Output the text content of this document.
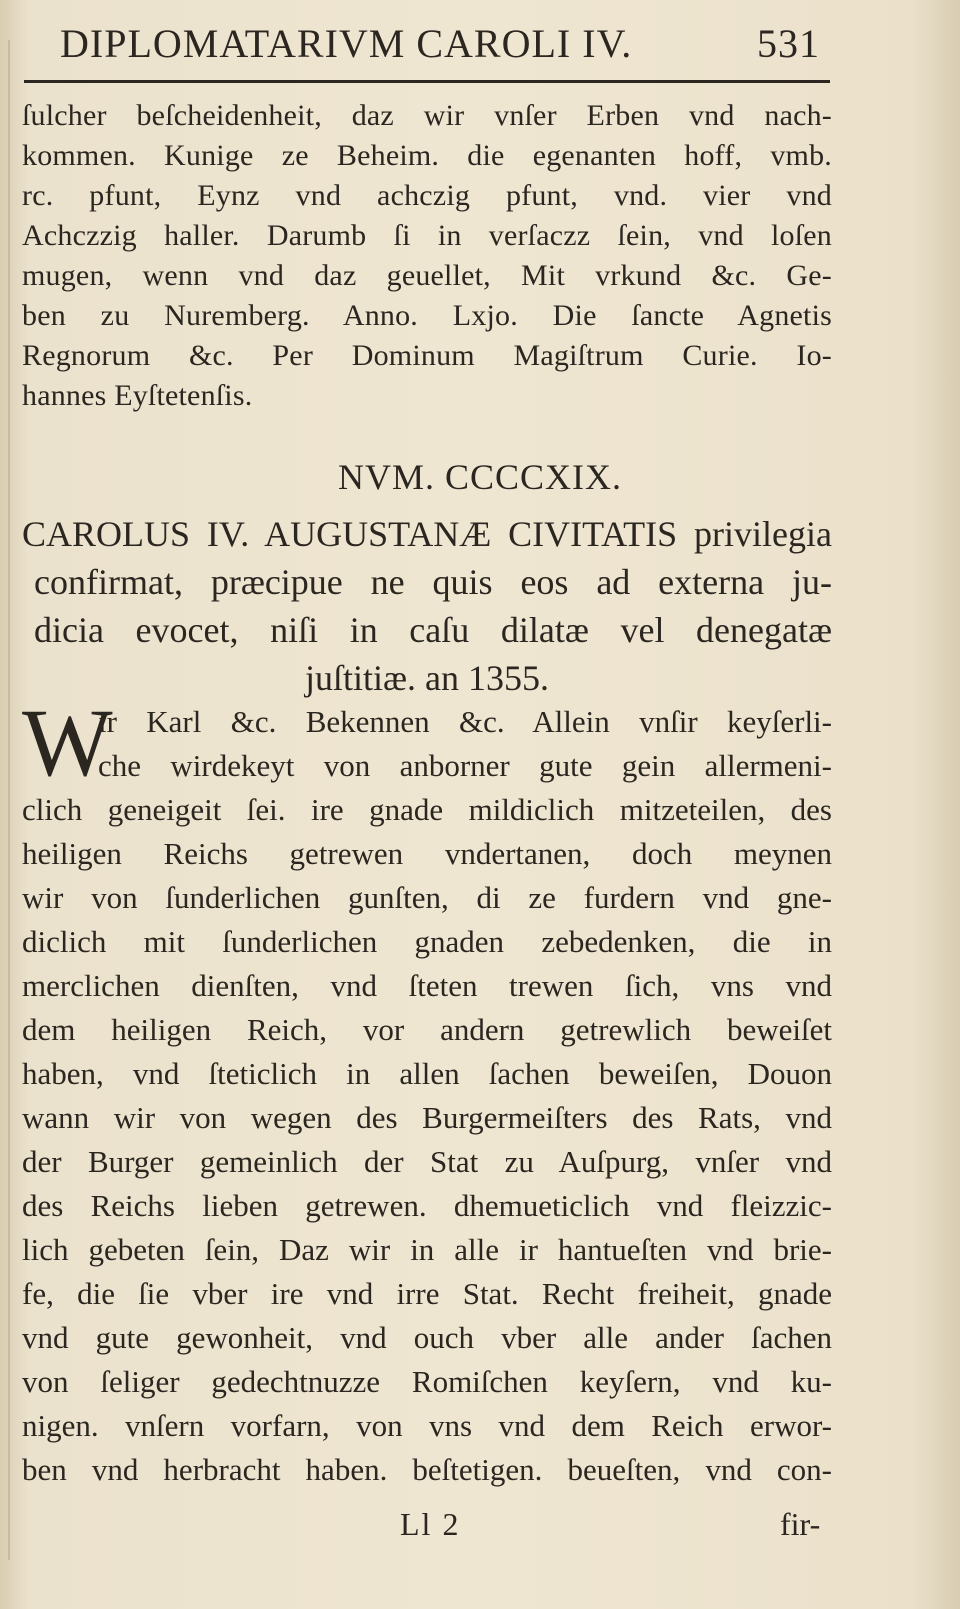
DIPLOMATARIVM CAROLI IV.	531
ſulcher beſcheidenheit, daz wir vnſer Erben vnd nach-
kommen. Kunige ze Beheim. die egenanten hoff, vmb.
rc. pfunt, Eynz vnd achczig pfunt, vnd. vier vnd
Achczzig haller. Darumb ſi in verſaczz ſein, vnd loſen
mugen, wenn vnd daz geuellet, Mit vrkund &c. Ge-
ben zu Nuremberg. Anno. Lxjo. Die ſancte Agnetis
Regnorum &c. Per Dominum Magiſtrum Curie. Io-
hannes Eyſtetenſis.
NVM. CCCCXIX.
CAROLUS IV. AUGUSTANÆ CIVITATIS privilegia
confirmat, præcipue ne quis eos ad externa ju-
dicia evocet, niſi in caſu dilatæ vel denegatæ
juſtitiæ. an 1355.
W
ir Karl &c. Bekennen &c. Allein vnſir keyſerli-
che wirdekeyt von anborner gute gein allermeni-
clich geneigeit ſei. ire gnade mildiclich mitzeteilen, des
heiligen Reichs getrewen vndertanen, doch meynen
wir von ſunderlichen gunſten, di ze furdern vnd gne-
diclich mit ſunderlichen gnaden zebedenken, die in
merclichen dienſten, vnd ſteten trewen ſich, vns vnd
dem heiligen Reich, vor andern getrewlich beweiſet
haben, vnd ſteticlich in allen ſachen beweiſen, Douon
wann wir von wegen des Burgermeiſters des Rats, vnd
der Burger gemeinlich der Stat zu Auſpurg, vnſer vnd
des Reichs lieben getrewen. dhemueticlich vnd fleizzic-
lich gebeten ſein, Daz wir in alle ir hantueſten vnd brie-
fe, die ſie vber ire vnd irre Stat. Recht freiheit, gnade
vnd gute gewonheit, vnd ouch vber alle ander ſachen
von ſeliger gedechtnuzze Romiſchen keyſern, vnd ku-
nigen. vnſern vorfarn, von vns vnd dem Reich erwor-
ben vnd herbracht haben. beſtetigen. beueſten, vnd con-
Ll 2	fir-
